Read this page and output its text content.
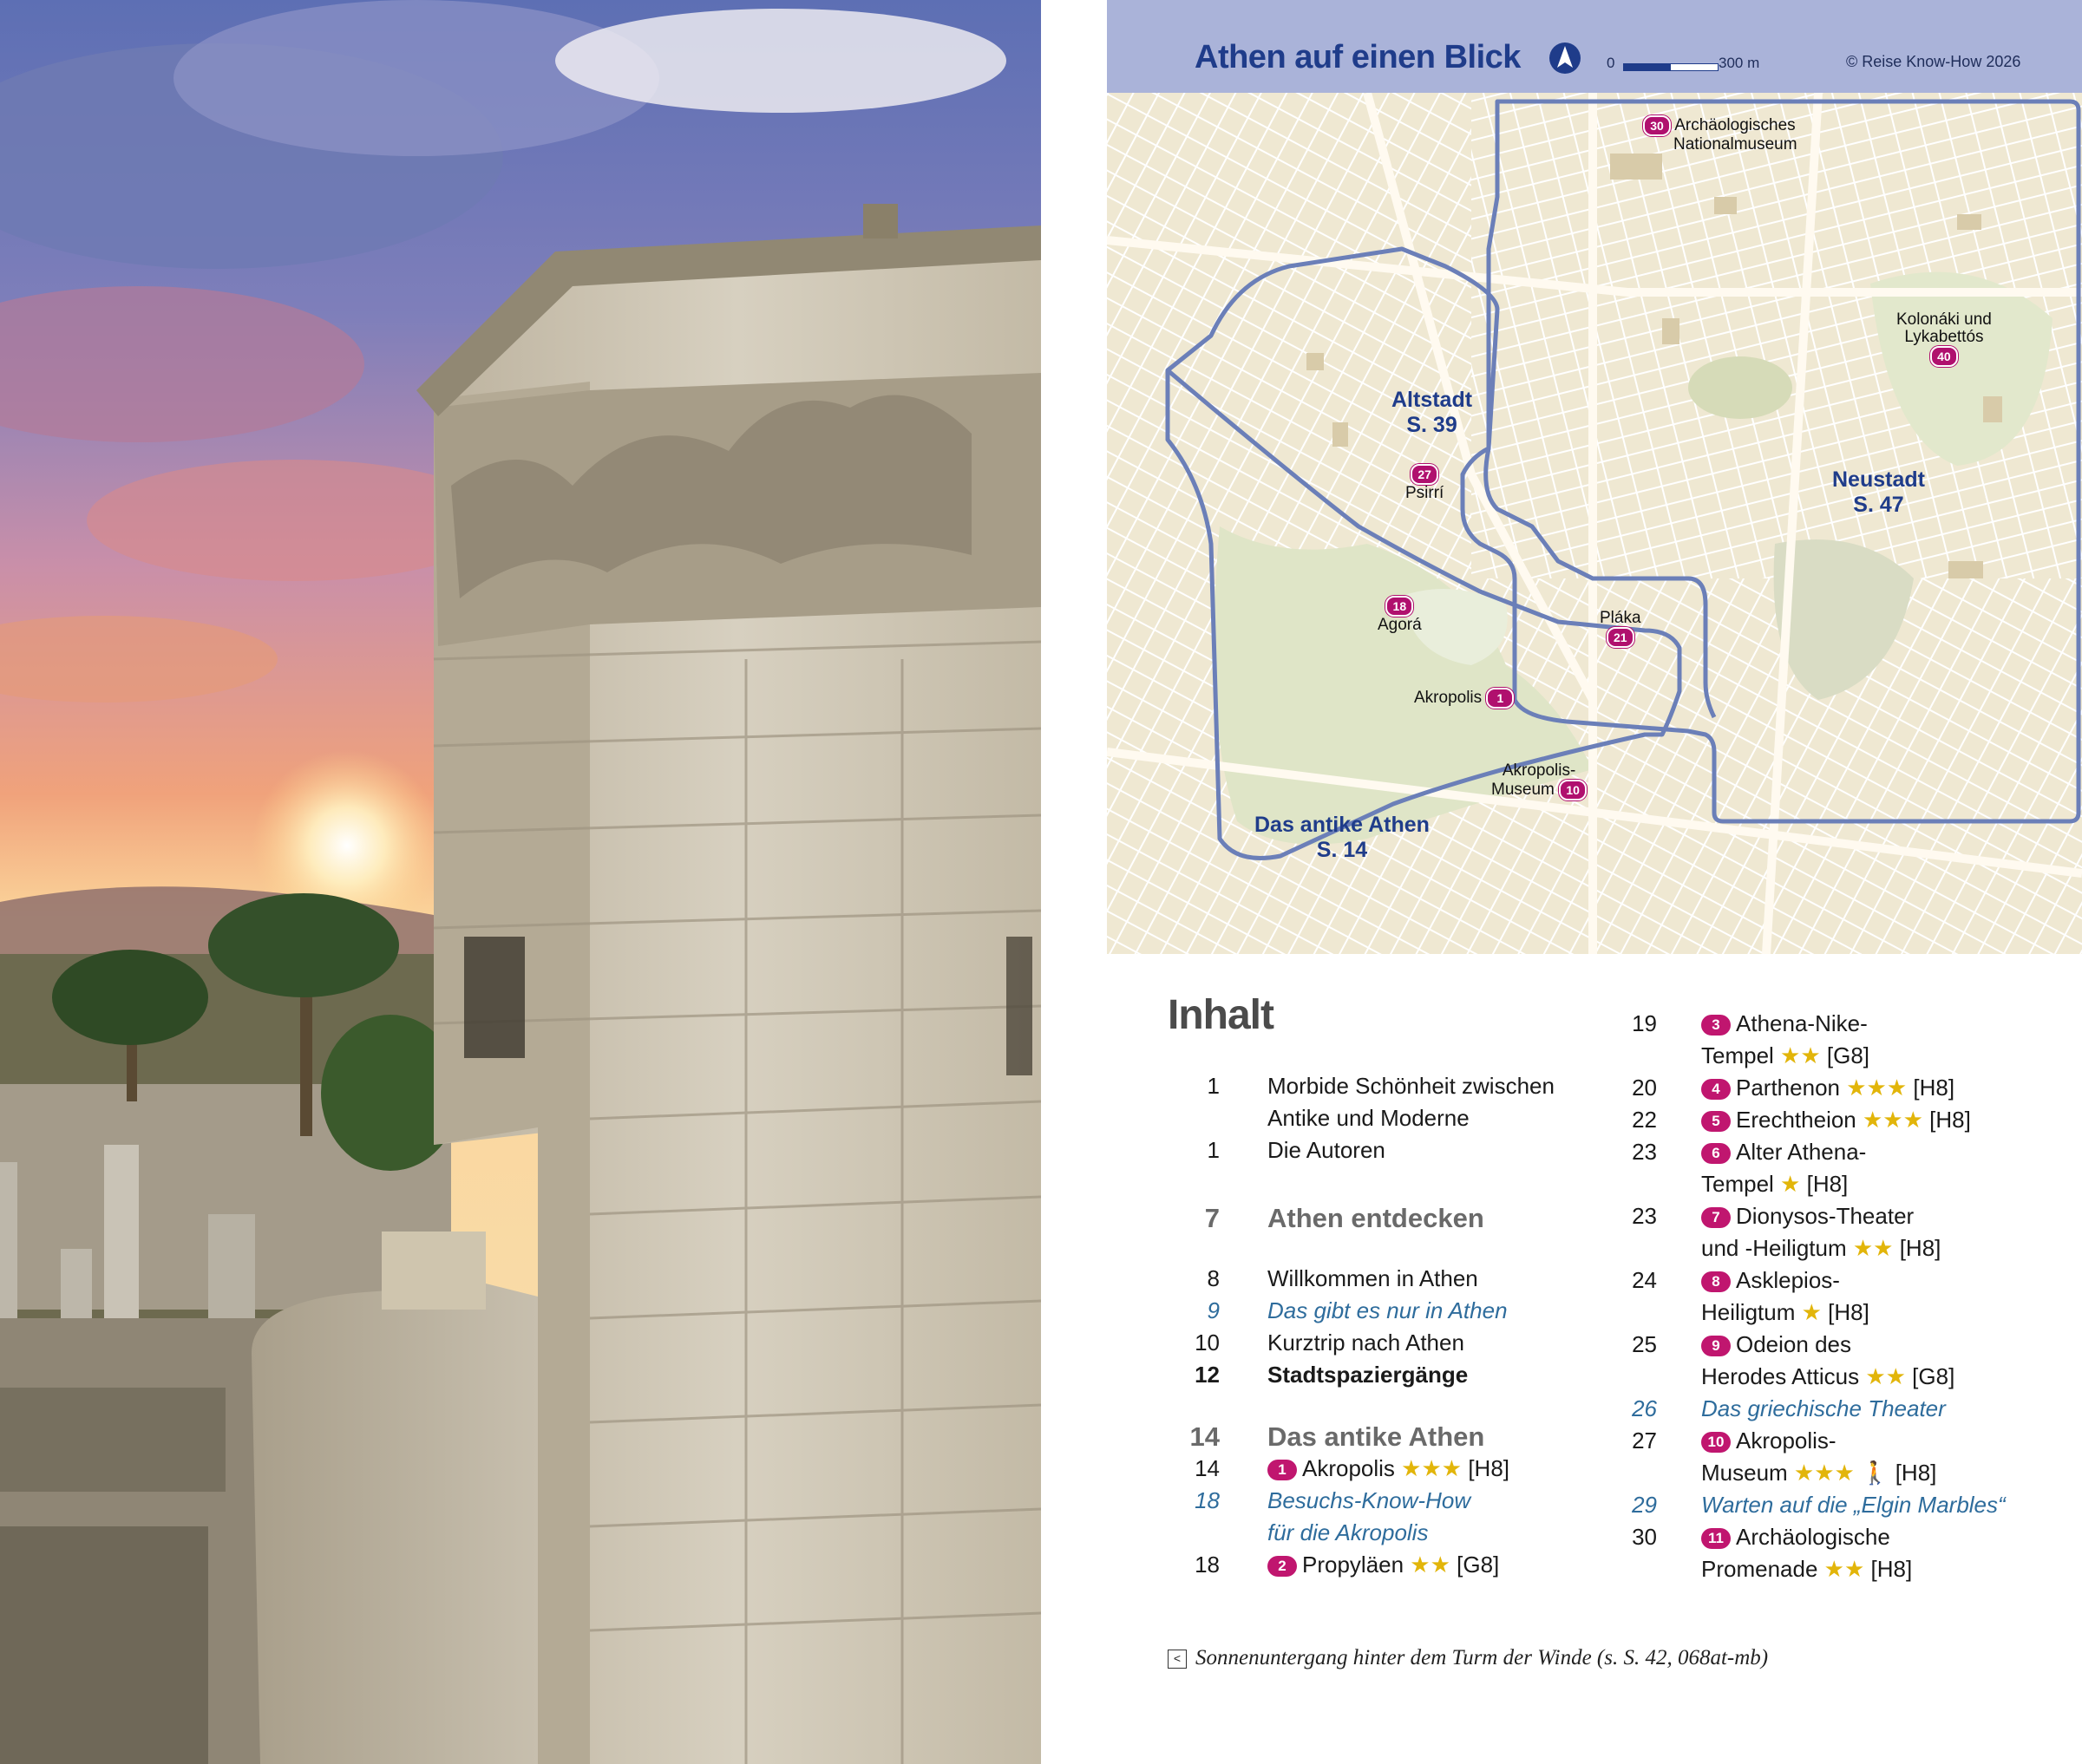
Athen auf einen Blick	0	300 m	© Reise Know-How 2026
30 Archäologisches
Nationalmuseum
Kolonáki und
Lykabettós
40
27
Psirrí
18
Agorá	Pláka
21
Akropolis 1
Akropolis-
Museum 10
Altstadt
S. 39
Neustadt
S. 47
Das antike Athen
S. 14
Inhalt
1 Morbide Schönheit zwischen
Antike und Moderne
1 Die Autoren
7 Athen entdecken
8 Willkommen in Athen
9 Das gibt es nur in Athen
10 Kurztrip nach Athen
12 Stadtspaziergänge
14 Das antike Athen
14	1 Akropolis ★★★ [H8]
18 Besuchs-Know-How
für die Akropolis
18	2 Propyläen ★★ [G8]
19	3 Athena-Nike-
Tempel ★★ [G8]
20	4 Parthenon ★★★ [H8]
22	5 Erechtheion ★★★ [H8]
23	6 Alter Athena-
Tempel ★ [H8]
23	7 Dionysos-Theater
und -Heiligtum ★★ [H8]
24	8 Asklepios-
Heiligtum ★ [H8]
25	9 Odeion des
Herodes Atticus ★★ [G8]
26 Das griechische Theater
27	10 Akropolis-
Museum ★★★ 🚶 [H8]
29 Warten auf die „Elgin Marbles“
30	11 Archäologische
Promenade ★★ [H8]
< Sonnenuntergang hinter dem Turm der Winde (s. S. 42, 068at-mb)
